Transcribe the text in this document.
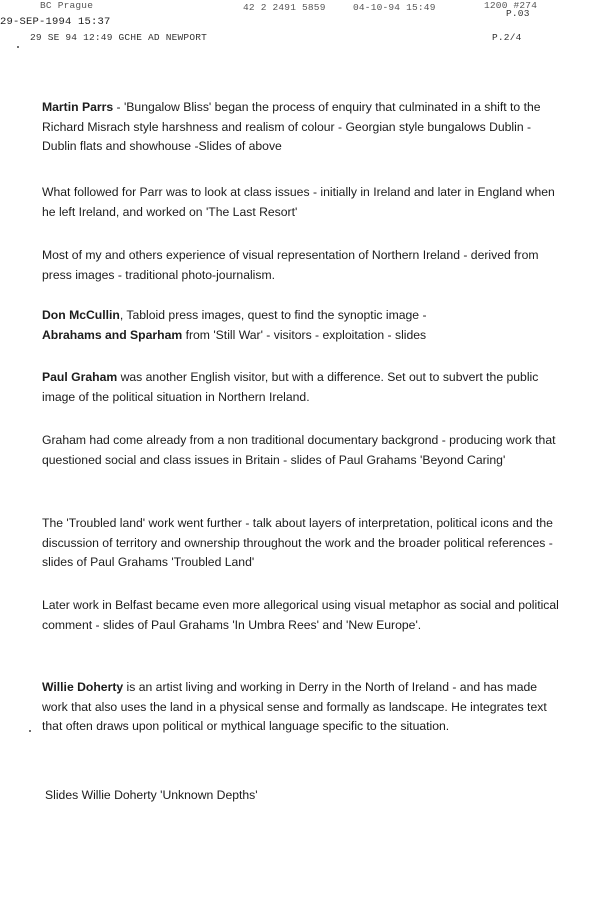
BC Prague	42 2 2491 5859	04-10-94 15:49	1200 #274
29-SEP-1994 15:37
P.03
29 SE 94 12:49 GCHE AD NEWPORT	P.2/4

Martin Parrs - 'Bungalow Bliss' began the process of enquiry that culminated in a shift to the Richard Misrach style harshness and realism of colour - Georgian style bungalows Dublin - Dublin flats and showhouse -Slides of above

What followed for Parr was to look at class issues - initially in Ireland and later in England when he left Ireland, and worked on 'The Last Resort'

Most of my and others experience of visual representation of Northern Ireland - derived from press images - traditional photo-journalism.

Don McCullin, Tabloid press images, quest to find the synoptic image -
Abrahams and Sparham from 'Still War' - visitors - exploitation - slides

Paul Graham was another English visitor, but with a difference. Set out to subvert the public image of the political situation in Northern Ireland.

Graham had come already from a non traditional documentary backgrond - producing work that questioned social and class issues in Britain - slides of Paul Grahams 'Beyond Caring'

The 'Troubled land' work went further - talk about layers of interpretation, political icons and the discussion of territory and ownership throughout the work and the broader political references - slides of Paul Grahams 'Troubled Land'

Later work in Belfast became even more allegorical using visual metaphor as social and political comment - slides of Paul Grahams 'In Umbra Rees' and 'New Europe'.

Willie Doherty is an artist living and working in Derry in the North of Ireland - and has made work that also uses the land in a physical sense and formally as landscape. He integrates text that often draws upon political or mythical language specific to the situation.

Slides Willie Doherty 'Unknown Depths'
